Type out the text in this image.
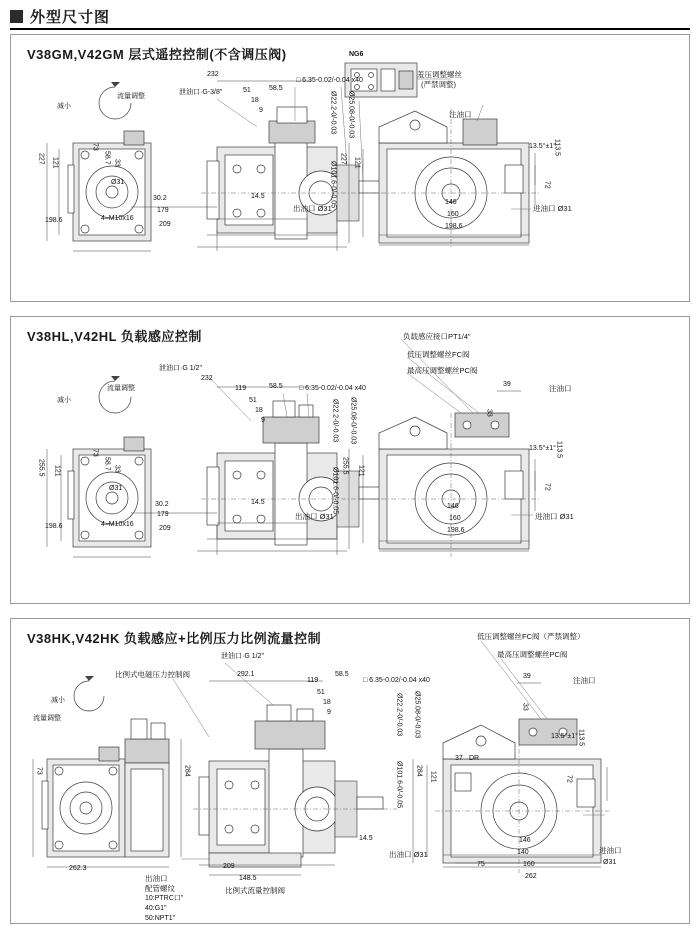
外型尺寸图
V38GM,V42GM 层式遥控控制(不含调压阀)
减小
流量调整
泄油口·G-3/8"
232
51
18
9
58.5
□ 6.35-0.02/-0.04 x40
Ø22.2-0/-0.03 Ø25.08-0/-0.03
Ø101.6-0/-0.05
NG6
羞压调整螺丝
(严禁调整)
注油口
227 121
73
58.7 33
Ø31
4–M10x16
30.2
179
209
198.6
14.5
出油口 Ø31
227 121
13.5°±1°
113.5
72
146
160
198.6
进油口 Ø31
V38HL,V42HL 负载感应控制
减小
流量调整
泄油口·G 1/2"
232
119
51
18
9
58.5 □ 6.35-0.02/-0.04 x40
Ø22.2-0/-0.03 Ø25.08-0/-0.03
Ø101.6-0/-0.05
负载感应接口PT1/4"
低压调整螺丝FC阀
最高压调整螺丝PC阀
39	注油口
33
255.5 121
73
58.7 33
Ø31
4–M10x16
30.2
179
209
198.6
14.5
出油口 Ø31
255.5 121
13.5°±1° 113.5
72
146
160
198.6
进油口 Ø31
V38HK,V42HK 负载感应+比例压力比例流量控制
减小
流量调整
比例式电磁压力控制阀
泄油口·G 1/2"
292.1
119
51
18
9
58.5
□ 6.35-0.02/-0.04 x40
Ø22.2-0/-0.03 Ø25.08-0/-0.03
Ø101.6-0/-0.05
低压调整螺丝FC阀（严禁调整）
最高压调整螺丝PC阀
39	注油口
33
284	284
121
73
37 DR
262.3
出油口
配管螺纹
10:PTRC口"
40:G1"
50:NPT1"
比例式流量控制阀
209
148.5
14.5
出油口 Ø31
13.5°±1° 113.5
72
75
140
146
160
262
进油口
Ø31
